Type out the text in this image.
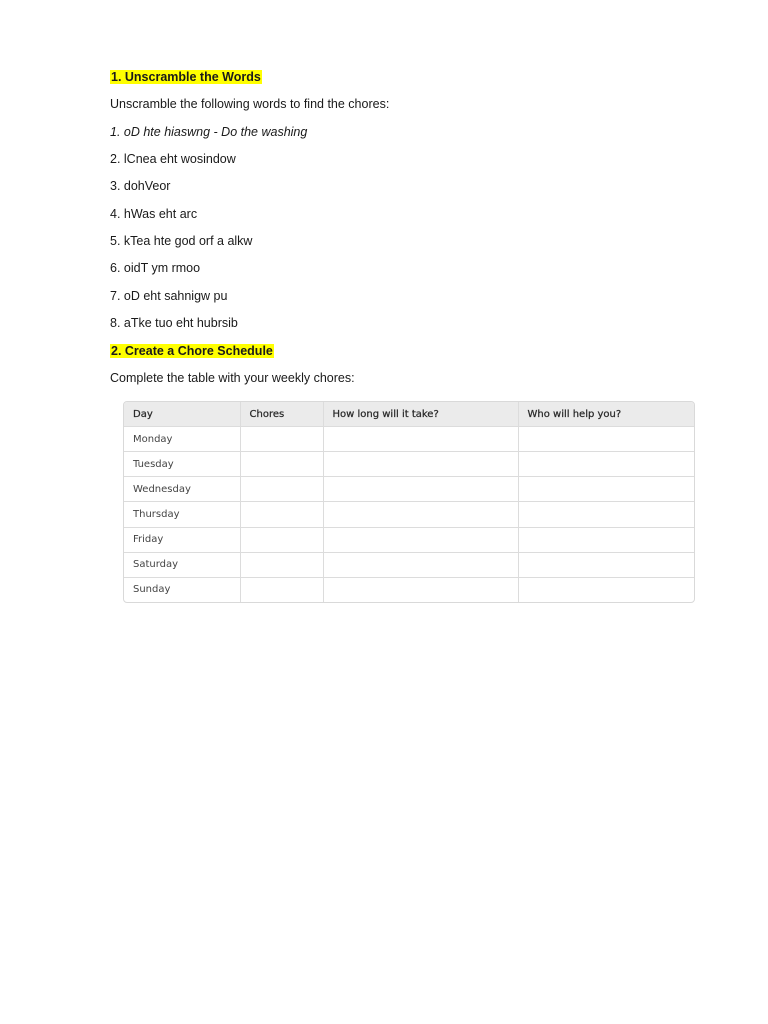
1. Unscramble the Words
Unscramble the following words to find the chores:
1. oD hte hiaswng - Do the washing
2. lCnea eht wosindow
3. dohVeor
4. hWas eht arc
5. kTea hte god orf a alkw
6. oidT ym rmoo
7. oD eht sahnigw pu
8. aTke tuo eht hubrsib
2. Create a Chore Schedule
Complete the table with your weekly chores:
Day	Chores	How long will it take?	Who will help you?
Monday			
Tuesday			
Wednesday			
Thursday			
Friday			
Saturday			
Sunday			
